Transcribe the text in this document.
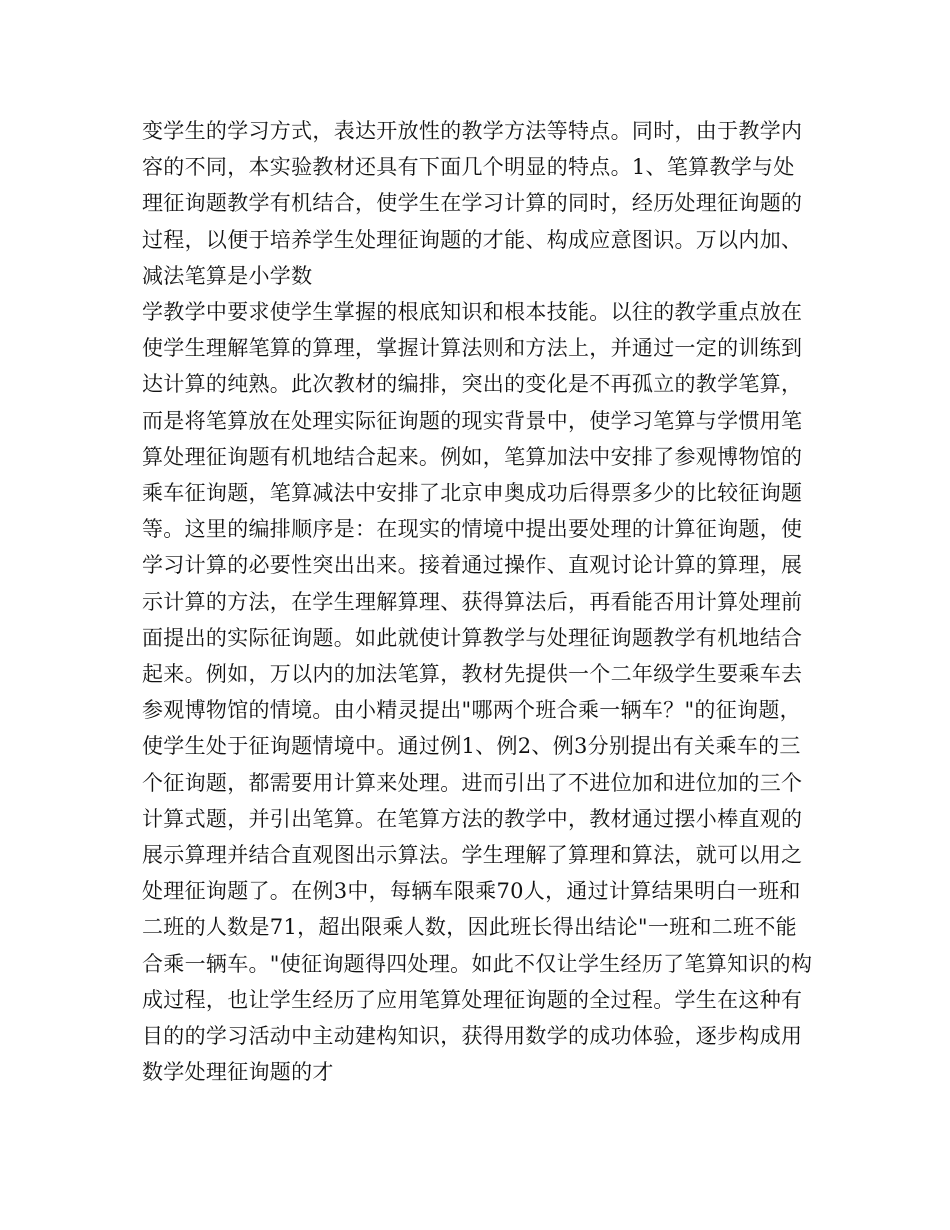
变学生的学习方式，表达开放性的教学方法等特点。同时，由于教学内容的不同，本实验教材还具有下面几个明显的特点。1、笔算教学与处理征询题教学有机结合，使学生在学习计算的同时，经历处理征询题的过程，以便于培养学生处理征询题的才能、构成应意图识。万以内加、减法笔算是小学数

学教学中要求使学生掌握的根底知识和根本技能。以往的教学重点放在使学生理解笔算的算理，掌握计算法则和方法上，并通过一定的训练到达计算的纯熟。此次教材的编排，突出的变化是不再孤立的教学笔算，而是将笔算放在处理实际征询题的现实背景中，使学习笔算与学惯用笔算处理征询题有机地结合起来。例如，笔算加法中安排了参观博物馆的乘车征询题，笔算减法中安排了北京申奥成功后得票多少的比较征询题等。这里的编排顺序是：在现实的情境中提出要处理的计算征询题，使学习计算的必要性突出出来。接着通过操作、直观讨论计算的算理，展示计算的方法，在学生理解算理、获得算法后，再看能否用计算处理前面提出的实际征询题。如此就使计算教学与处理征询题教学有机地结合起来。例如，万以内的加法笔算，教材先提供一个二年级学生要乘车去参观博物馆的情境。由小精灵提出"哪两个班合乘一辆车？"的征询题，使学生处于征询题情境中。通过例1、例2、例3分别提出有关乘车的三个征询题，都需要用计算来处理。进而引出了不进位加和进位加的三个计算式题，并引出笔算。在笔算方法的教学中，教材通过摆小棒直观的展示算理并结合直观图出示算法。学生理解了算理和算法，就可以用之处理征询题了。在例3中，每辆车限乘70人，通过计算结果明白一班和二班的人数是71，超出限乘人数，因此班长得出结论"一班和二班不能合乘一辆车。"使征询题得四处理。如此不仅让学生经历了笔算知识的构成过程，也让学生经历了应用笔算处理征询题的全过程。学生在这种有目的的学习活动中主动建构知识，获得用数学的成功体验，逐步构成用数学处理征询题的才
